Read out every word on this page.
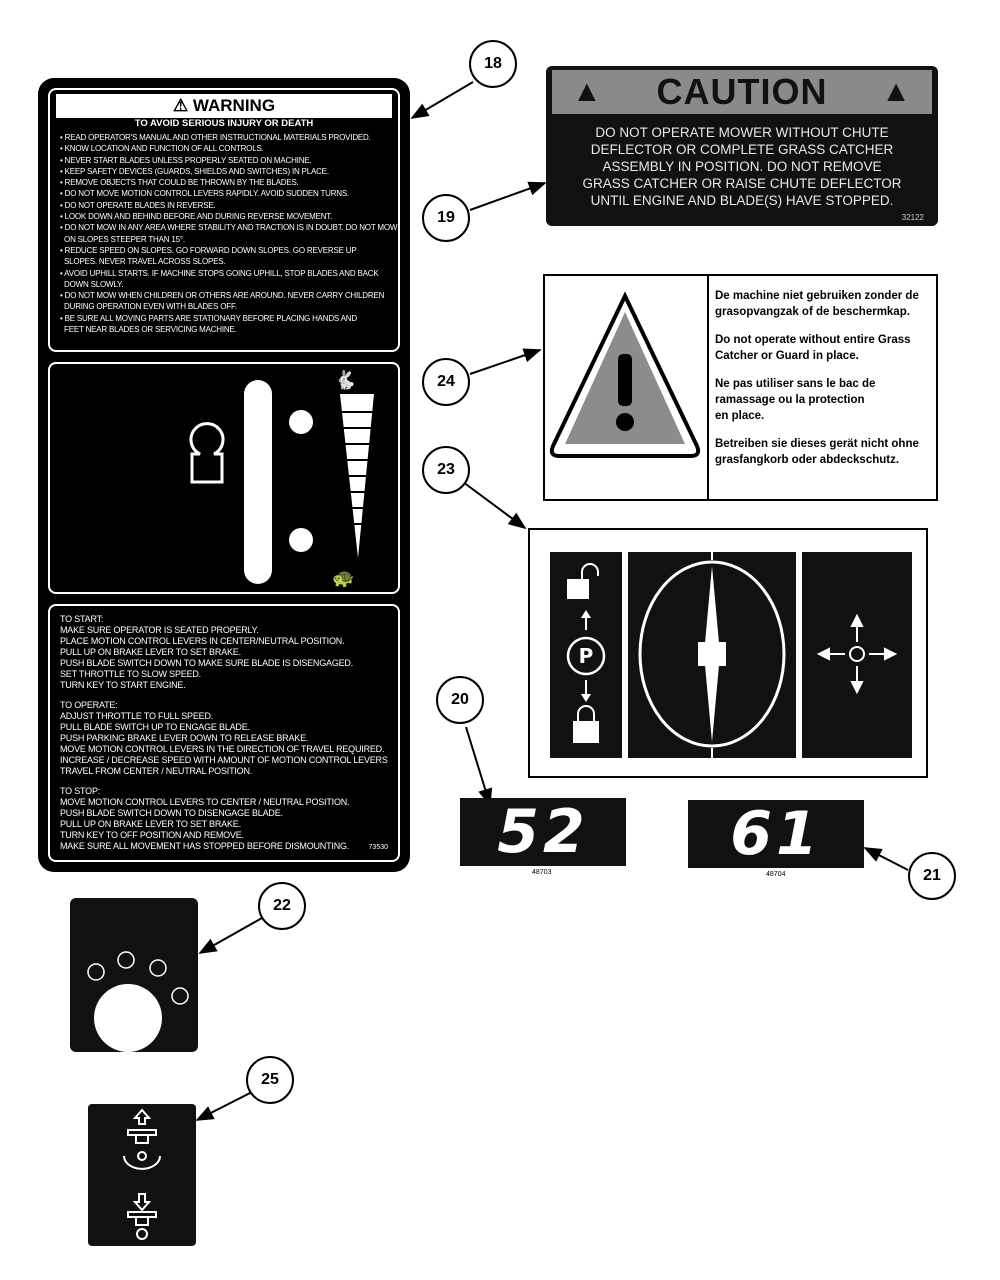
18
19
24
23
20
21
22
25
⚠ WARNING
TO AVOID SERIOUS INJURY OR DEATH
• READ OPERATOR'S MANUAL AND OTHER INSTRUCTIONAL MATERIALS PROVIDED.
• KNOW LOCATION AND FUNCTION OF ALL CONTROLS.
• NEVER START BLADES UNLESS PROPERLY SEATED ON MACHINE.
• KEEP SAFETY DEVICES (GUARDS, SHIELDS AND SWITCHES) IN PLACE.
• REMOVE OBJECTS THAT COULD BE THROWN BY THE BLADES.
• DO NOT MOVE MOTION CONTROL LEVERS RAPIDLY. AVOID SUDDEN TURNS.
• DO NOT OPERATE BLADES IN REVERSE.
• LOOK DOWN AND BEHIND BEFORE AND DURING REVERSE MOVEMENT.
• DO NOT MOW IN ANY AREA WHERE STABILITY AND TRACTION IS IN DOUBT. DO NOT MOW
ON SLOPES STEEPER THAN 15°.
• REDUCE SPEED ON SLOPES. GO FORWARD DOWN SLOPES. GO REVERSE UP
SLOPES. NEVER TRAVEL ACROSS SLOPES.
• AVOID UPHILL STARTS. IF MACHINE STOPS GOING UPHILL, STOP BLADES AND BACK
DOWN SLOWLY.
• DO NOT MOW WHEN CHILDREN OR OTHERS ARE AROUND. NEVER CARRY CHILDREN
DURING OPERATION EVEN WITH BLADES OFF.
• BE SURE ALL MOVING PARTS ARE STATIONARY BEFORE PLACING HANDS AND
FEET NEAR BLADES OR SERVICING MACHINE.
🐇
🐢
TO START:
MAKE SURE OPERATOR IS SEATED PROPERLY.
PLACE MOTION CONTROL LEVERS IN CENTER/NEUTRAL POSITION.
PULL UP ON BRAKE LEVER TO SET BRAKE.
PUSH BLADE SWITCH DOWN TO MAKE SURE BLADE IS DISENGAGED.
SET THROTTLE TO SLOW SPEED.
TURN KEY TO START ENGINE.
TO OPERATE:
ADJUST THROTTLE TO FULL SPEED.
PULL BLADE SWITCH UP TO ENGAGE BLADE.
PUSH PARKING BRAKE LEVER DOWN TO RELEASE BRAKE.
MOVE MOTION CONTROL LEVERS IN THE DIRECTION OF TRAVEL REQUIRED.
INCREASE / DECREASE SPEED WITH AMOUNT OF MOTION CONTROL LEVERS
TRAVEL FROM CENTER / NEUTRAL POSITION.
TO STOP:
MOVE MOTION CONTROL LEVERS TO CENTER / NEUTRAL POSITION.
PUSH BLADE SWITCH DOWN TO DISENGAGE BLADE.
PULL UP ON BRAKE LEVER TO SET BRAKE.
TURN KEY TO OFF POSITION AND REMOVE.
MAKE SURE ALL MOVEMENT HAS STOPPED BEFORE DISMOUNTING.	73530
▲ CAUTION ▲
DO NOT OPERATE MOWER WITHOUT CHUTE
DEFLECTOR OR COMPLETE GRASS CATCHER
ASSEMBLY IN POSITION. DO NOT REMOVE
GRASS CATCHER OR RAISE CHUTE DEFLECTOR
UNTIL ENGINE AND BLADE(S) HAVE STOPPED.
32122

De machine niet gebruiken zonder de
grasopvangzak of de beschermkap.

Do not operate without entire Grass
Catcher or Guard in place.

Ne pas utiliser sans le bac de
ramassage ou la protection
en place.

Betreiben sie dieses gerät nicht ohne
grasfangkorb oder abdeckschutz.

P
52
48703
61
48704
